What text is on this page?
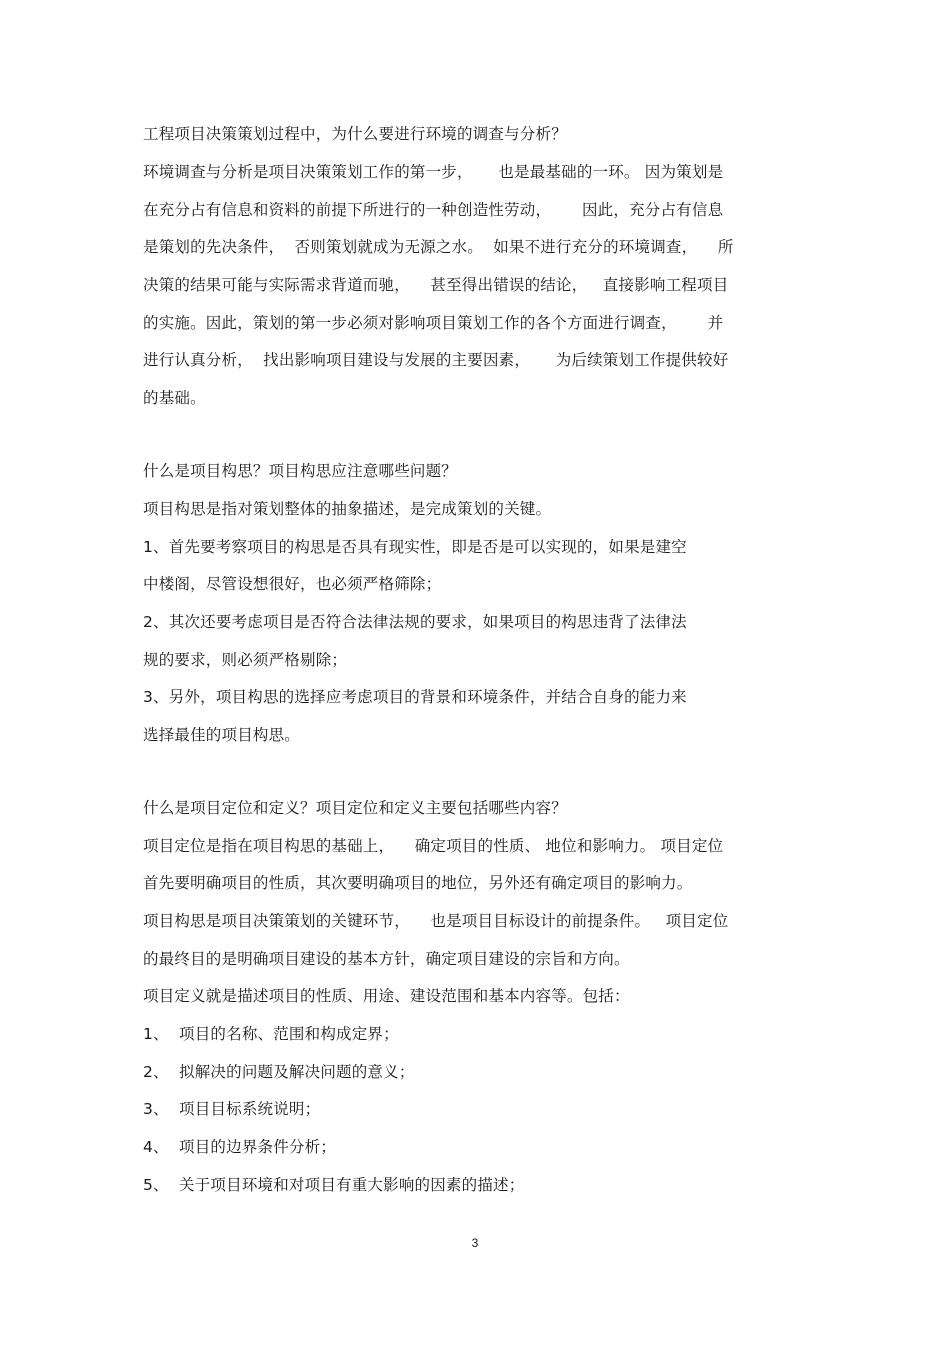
工程项目决策策划过程中，为什么要进行环境的调查与分析？
环境调查与分析是项目决策策划工作的第一步，     也是最基础的一环。 因为策划是
在充分占有信息和资料的前提下所进行的一种创造性劳动，      因此，充分占有信息
是策划的先决条件，  否则策划就成为无源之水。  如果不进行充分的环境调查，    所
决策的结果可能与实际需求背道而驰，    甚至得出错误的结论，   直接影响工程项目
的实施。因此，策划的第一步必须对影响项目策划工作的各个方面进行调查，      并
进行认真分析，  找出影响项目建设与发展的主要因素，     为后续策划工作提供较好
的基础。
什么是项目构思？项目构思应注意哪些问题？
项目构思是指对策划整体的抽象描述，是完成策划的关键。
1、首先要考察项目的构思是否具有现实性，即是否是可以实现的，如果是建空
中楼阁，尽管设想很好，也必须严格筛除；
2、其次还要考虑项目是否符合法律法规的要求，如果项目的构思违背了法律法
规的要求，则必须严格剔除；
3、另外，项目构思的选择应考虑项目的背景和环境条件，并结合自身的能力来
选择最佳的项目构思。
什么是项目定位和定义？项目定位和定义主要包括哪些内容？
项目定位是指在项目构思的基础上，    确定项目的性质、 地位和影响力。 项目定位
首先要明确项目的性质，其次要明确项目的地位，另外还有确定项目的影响力。
项目构思是项目决策策划的关键环节，    也是项目目标设计的前提条件。   项目定位
的最终目的是明确项目建设的基本方针，确定项目建设的宗旨和方向。
项目定义就是描述项目的性质、用途、建设范围和基本内容等。包括：
1、  项目的名称、范围和构成定界；
2、  拟解决的问题及解决问题的意义；
3、  项目目标系统说明；
4、  项目的边界条件分析；
5、  关于项目环境和对项目有重大影响的因素的描述；
3
